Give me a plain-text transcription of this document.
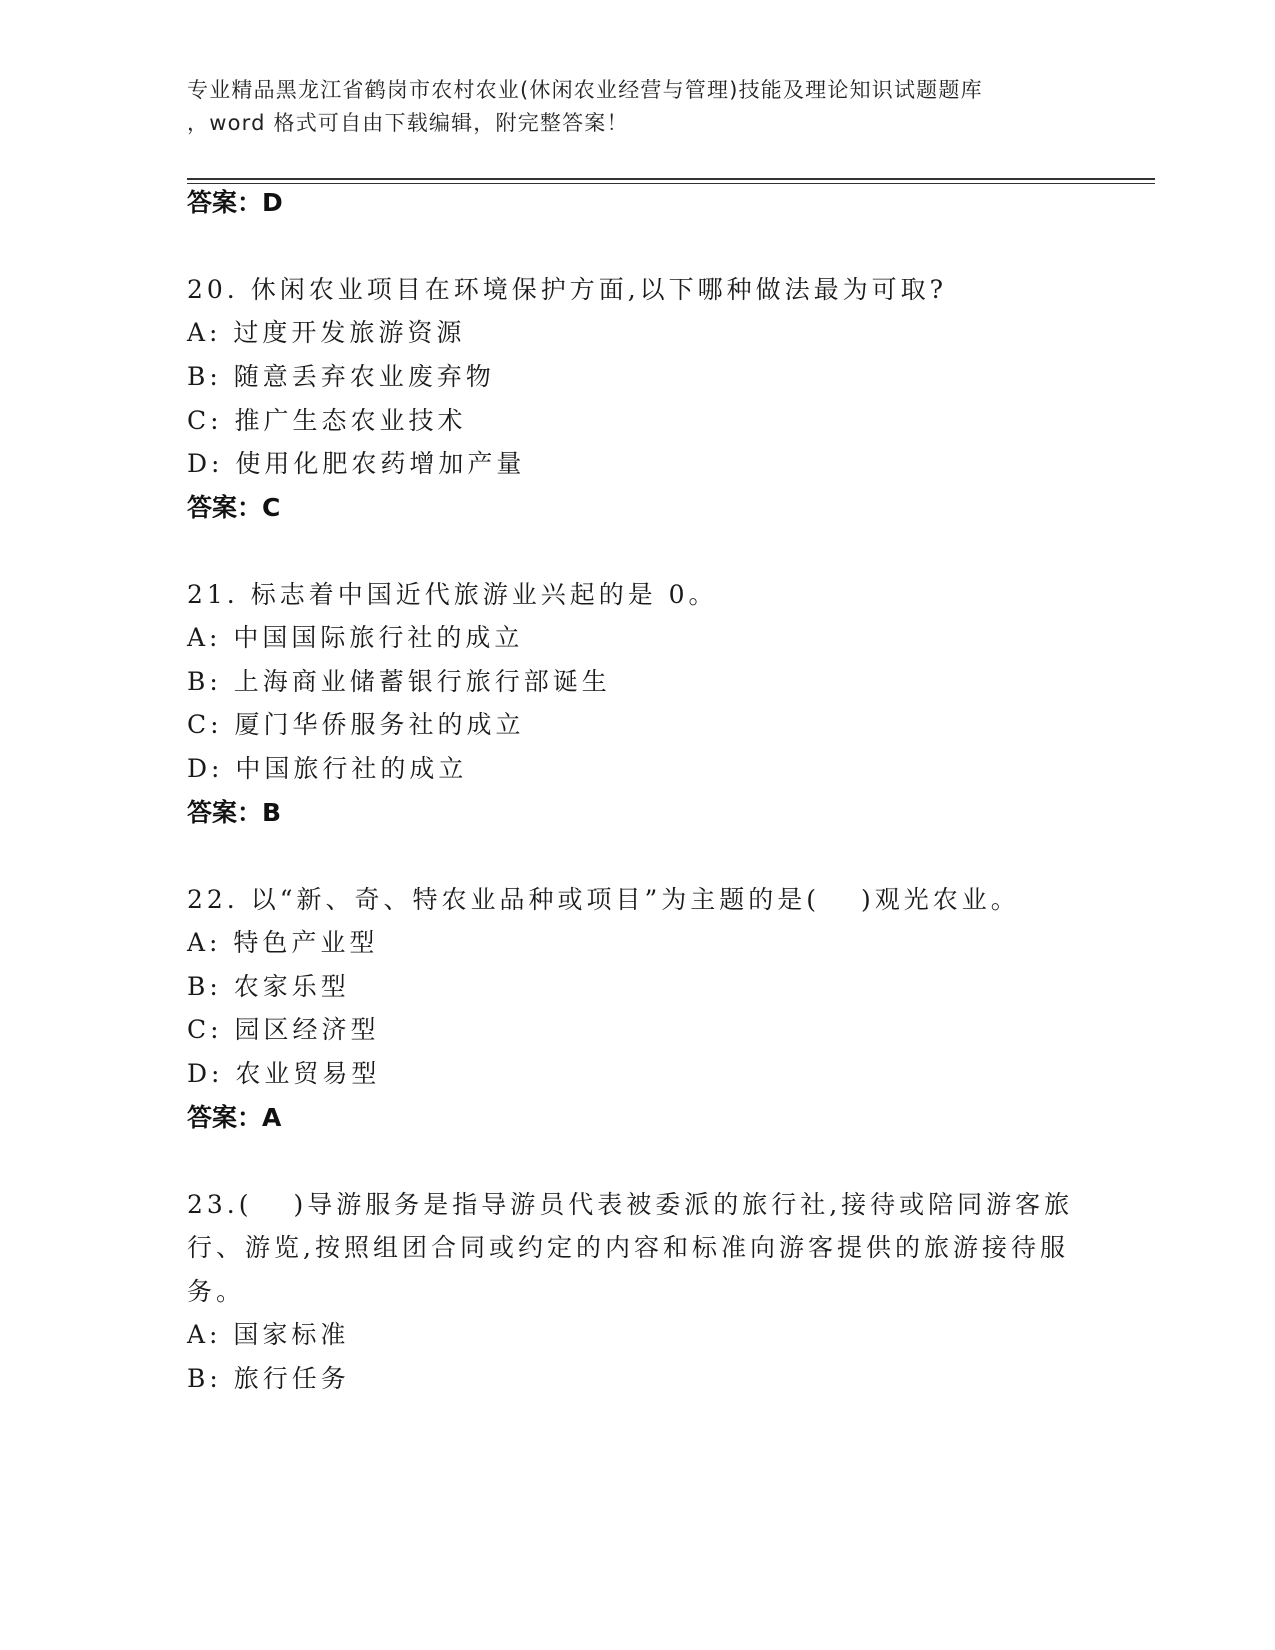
专业精品黑龙江省鹤岗市农村农业(休闲农业经营与管理)技能及理论知识试题题库
，word 格式可自由下载编辑，附完整答案！
答案：D
20. 休闲农业项目在环境保护方面,以下哪种做法最为可取?
A: 过度开发旅游资源
B: 随意丢弃农业废弃物
C: 推广生态农业技术
D: 使用化肥农药增加产量
答案：C
21. 标志着中国近代旅游业兴起的是 0。
A: 中国国际旅行社的成立
B: 上海商业储蓄银行旅行部诞生
C: 厦门华侨服务社的成立
D: 中国旅行社的成立
答案：B
22. 以“新、奇、特农业品种或项目”为主题的是(　 )观光农业。
A: 特色产业型
B: 农家乐型
C: 园区经济型
D: 农业贸易型
答案：A
23.(　 )导游服务是指导游员代表被委派的旅行社,接待或陪同游客旅
行、游览,按照组团合同或约定的内容和标准向游客提供的旅游接待服
务。
A: 国家标准
B: 旅行任务
